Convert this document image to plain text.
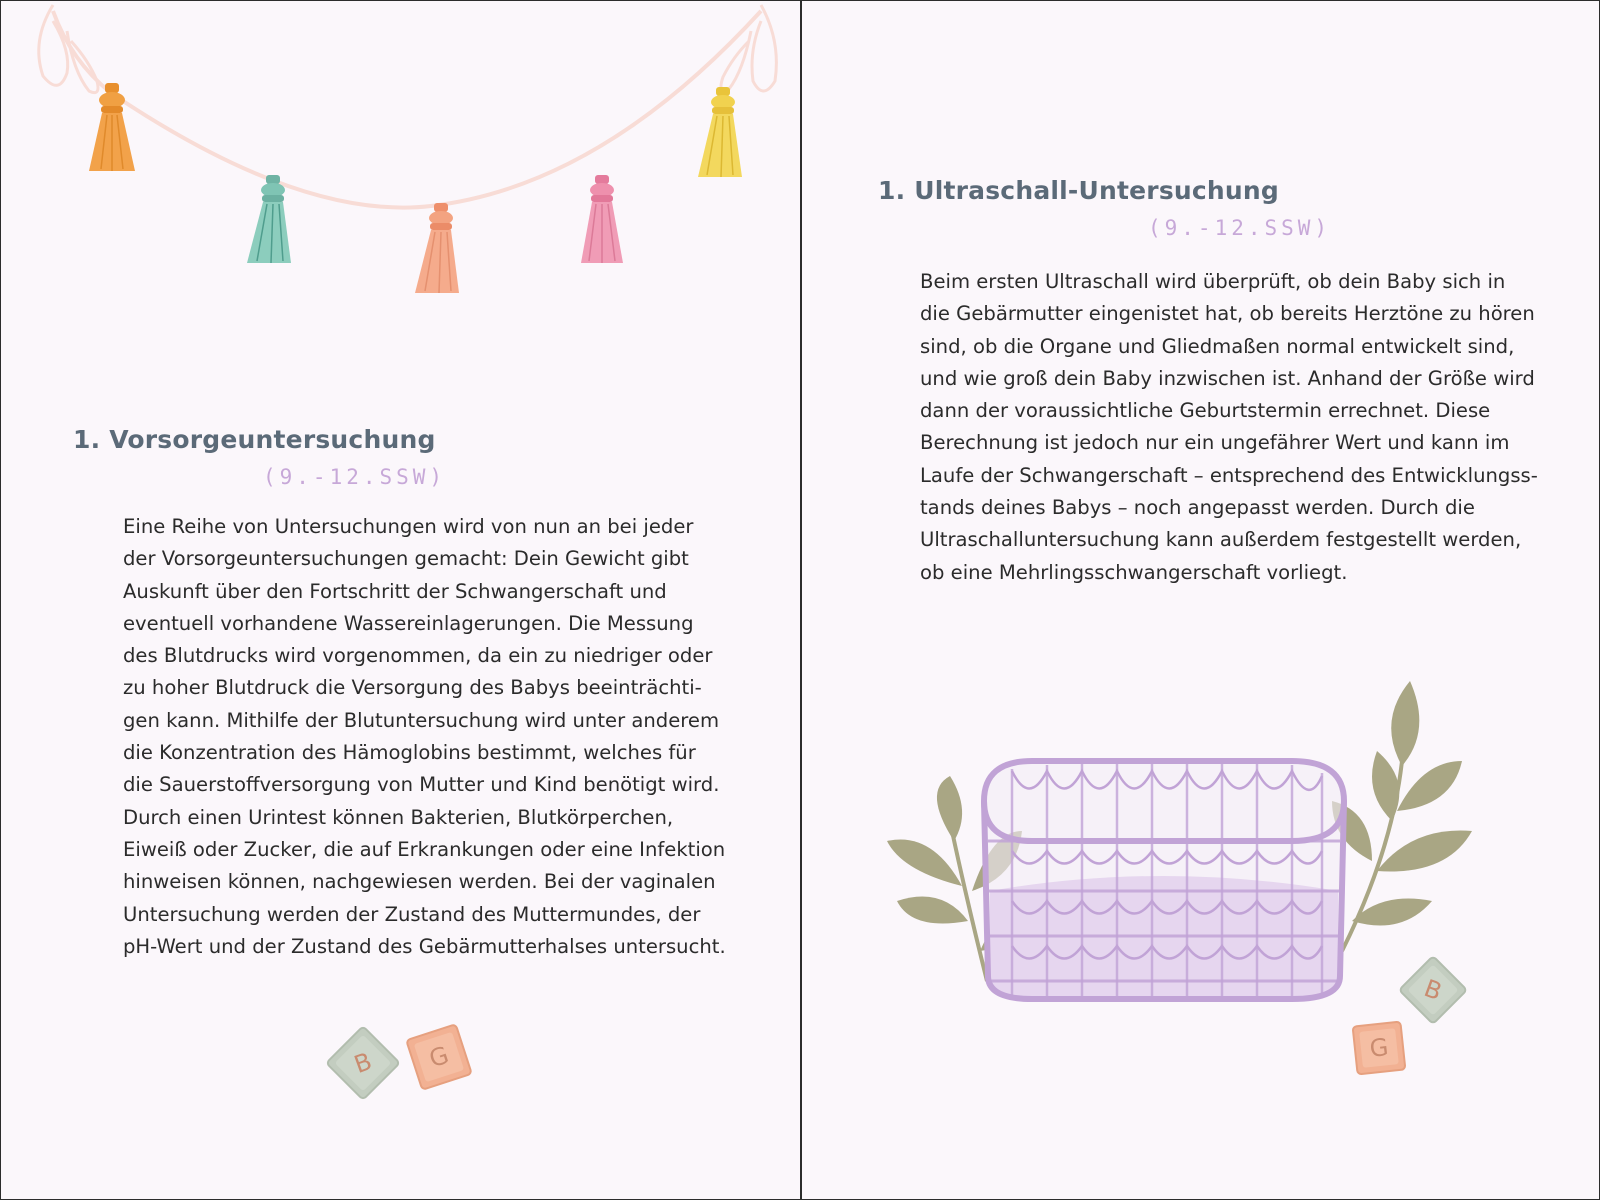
1. Vorsorgeuntersuchung
(9.-12.SSW)
Eine Reihe von Untersuchungen wird von nun an bei jeder
der Vorsorgeuntersuchungen gemacht: Dein Gewicht gibt
Auskunft über den Fortschritt der Schwangerschaft und
eventuell vorhandene Wassereinlagerungen. Die Messung
des Blutdrucks wird vorgenommen, da ein zu niedriger oder
zu hoher Blutdruck die Versorgung des Babys beeinträchti-
gen kann. Mithilfe der Blutuntersuchung wird unter anderem
die Konzentration des Hämoglobins bestimmt, welches für
die Sauerstoffversorgung von Mutter und Kind benötigt wird.
Durch einen Urintest können Bakterien, Blutkörperchen,
Eiweiß oder Zucker, die auf Erkrankungen oder eine Infektion
hinweisen können, nachgewiesen werden. Bei der vaginalen
Untersuchung werden der Zustand des Muttermundes, der
pH-Wert und der Zustand des Gebärmutterhalses untersucht.
B G
1. Ultraschall-Untersuchung
(9.-12.SSW)
Beim ersten Ultraschall wird überprüft, ob dein Baby sich in
die Gebärmutter eingenistet hat, ob bereits Herztöne zu hören
sind, ob die Organe und Gliedmaßen normal entwickelt sind,
und wie groß dein Baby inzwischen ist. Anhand der Größe wird
dann der voraussichtliche Geburtstermin errechnet. Diese
Berechnung ist jedoch nur ein ungefährer Wert und kann im
Laufe der Schwangerschaft – entsprechend des Entwicklungss-
tands deines Babys – noch angepasst werden. Durch die
Ultraschalluntersuchung kann außerdem festgestellt werden,
ob eine Mehrlingsschwangerschaft vorliegt.
B
G
